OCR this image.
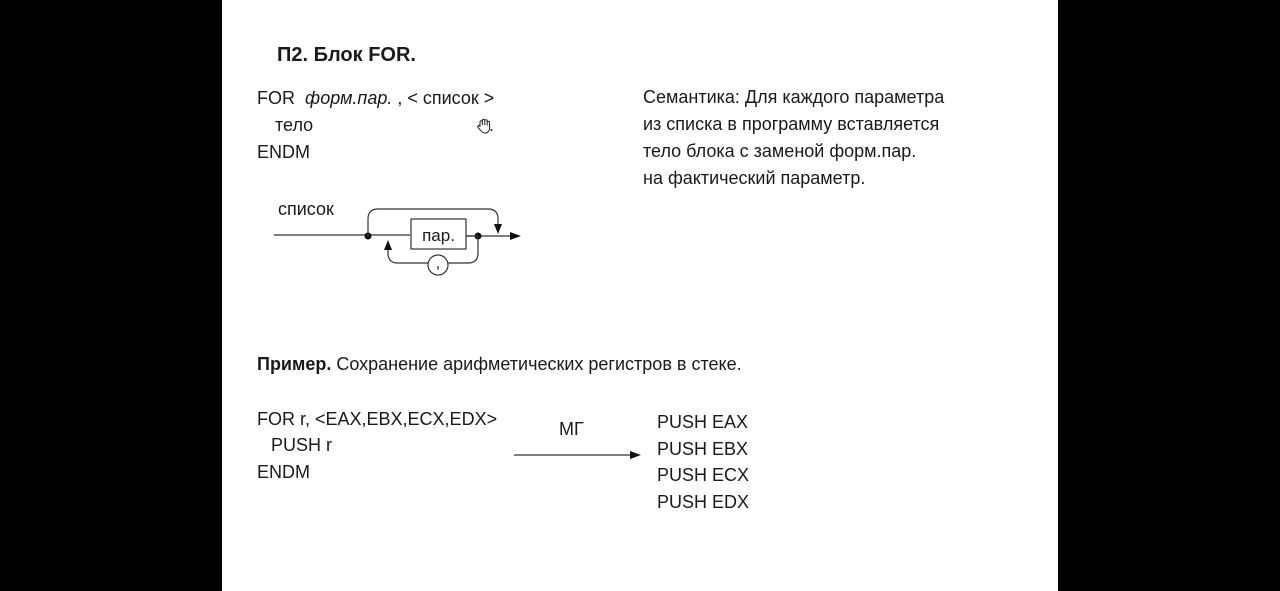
П2. Блок FOR.
FOR форм.пар. , < список >
тело
ENDM
Семантика: Для каждого параметра
из списка в программу вставляется
тело блока с заменой форм.пар.
на фактический параметр.
список
пар.
,
Пример. Сохранение арифметических регистров в стеке.
FOR r, <EAX,EBX,ECX,EDX>
PUSH r
ENDM
МГ	PUSH EAX
PUSH EBX
PUSH ECX
PUSH EDX
